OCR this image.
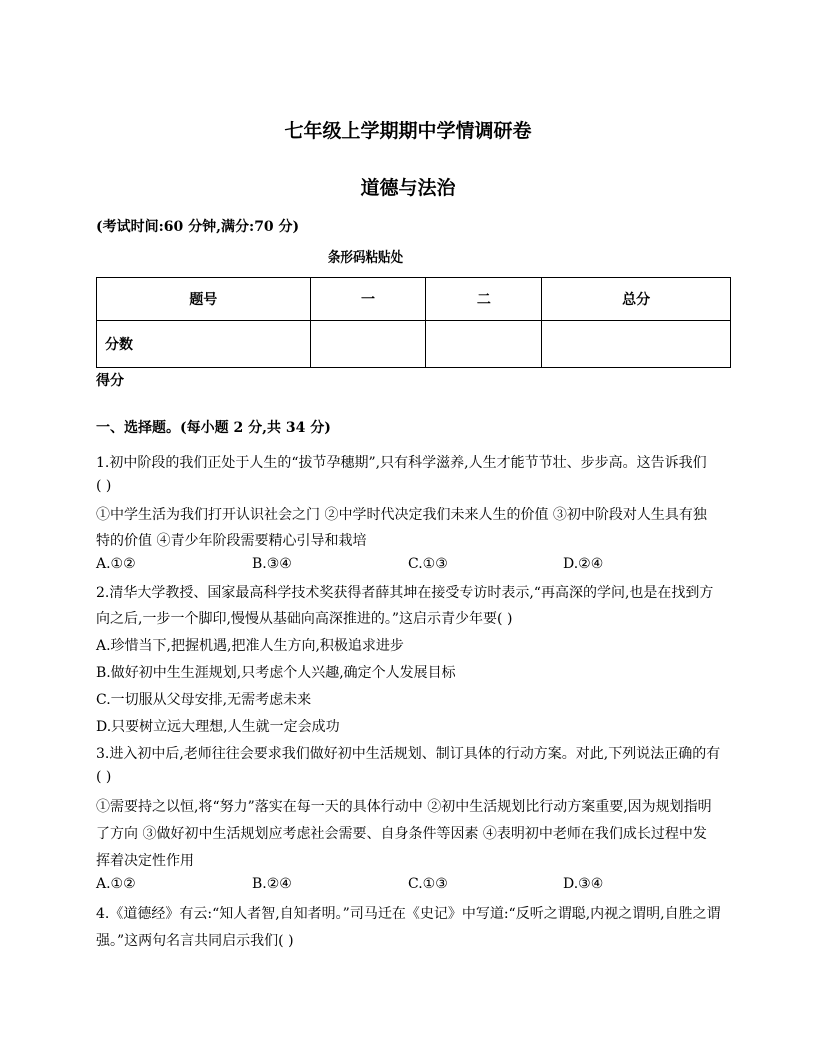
七年级上学期期中学情调研卷
道德与法治
(考试时间:60 分钟,满分:70 分)
条形码粘贴处
题号	一	二	总分
分数			
得分
一、选择题。(每小题 2 分,共 34 分)
1.初中阶段的我们正处于人生的“拔节孕穗期”,只有科学滋养,人生才能节节壮、步步高。这告诉我们
( )
①中学生活为我们打开认识社会之门 ②中学时代决定我们未来人生的价值 ③初中阶段对人生具有独
特的价值 ④青少年阶段需要精心引导和栽培
A.①②	B.③④	C.①③	D.②④
2.清华大学教授、国家最高科学技术奖获得者薛其坤在接受专访时表示,“再高深的学问,也是在找到方
向之后,一步一个脚印,慢慢从基础向高深推进的。”这启示青少年要( )
A.珍惜当下,把握机遇,把准人生方向,积极追求进步
B.做好初中生生涯规划,只考虑个人兴趣,确定个人发展目标
C.一切服从父母安排,无需考虑未来
D.只要树立远大理想,人生就一定会成功
3.进入初中后,老师往往会要求我们做好初中生活规划、制订具体的行动方案。对此,下列说法正确的有
( )
①需要持之以恒,将“努力”落实在每一天的具体行动中 ②初中生活规划比行动方案重要,因为规划指明
了方向 ③做好初中生活规划应考虑社会需要、自身条件等因素 ④表明初中老师在我们成长过程中发
挥着决定性作用
A.①②	B.②④	C.①③	D.③④
4.《道德经》有云:“知人者智,自知者明。”司马迁在《史记》中写道:“反听之谓聪,内视之谓明,自胜之谓
强。”这两句名言共同启示我们( )
